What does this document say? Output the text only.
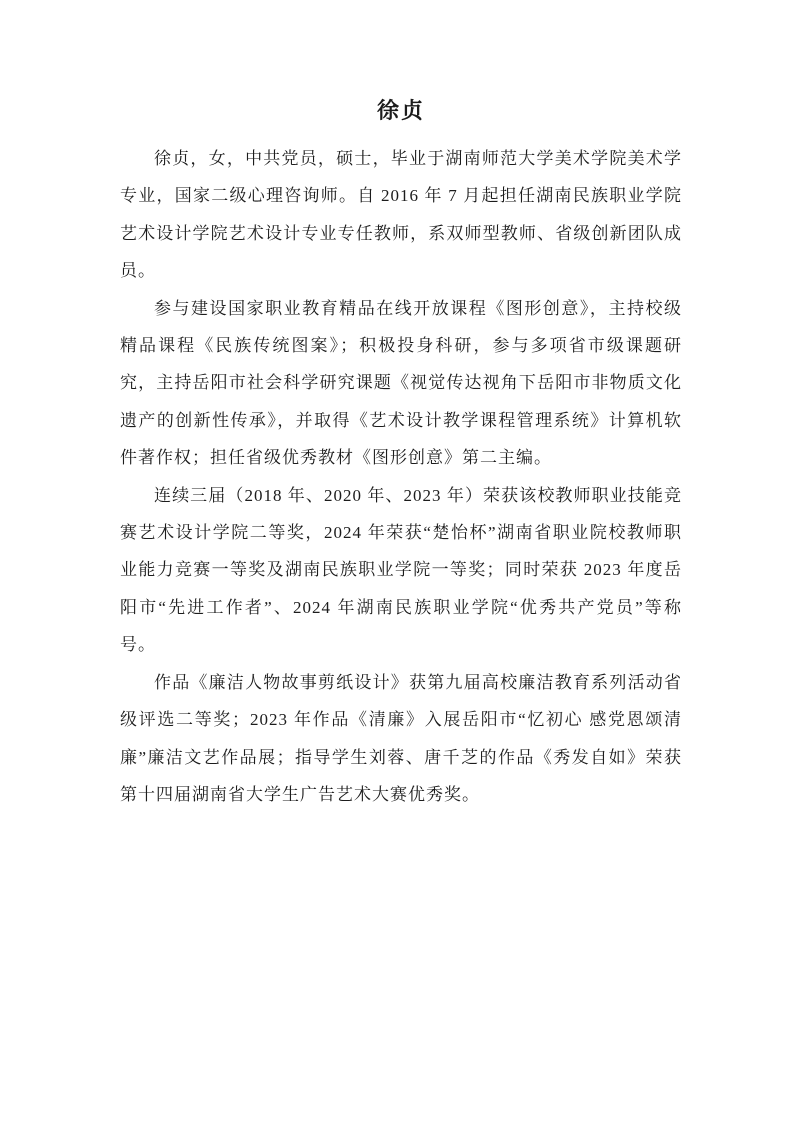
徐贞

徐贞，女，中共党员，硕士，毕业于湖南师范大学美术学院美术学专业，国家二级心理咨询师。自 2016 年 7 月起担任湖南民族职业学院艺术设计学院艺术设计专业专任教师，系双师型教师、省级创新团队成员。

参与建设国家职业教育精品在线开放课程《图形创意》，主持校级精品课程《民族传统图案》；积极投身科研，参与多项省市级课题研究，主持岳阳市社会科学研究课题《视觉传达视角下岳阳市非物质文化遗产的创新性传承》，并取得《艺术设计教学课程管理系统》计算机软件著作权；担任省级优秀教材《图形创意》第二主编。

连续三届（2018 年、2020 年、2023 年）荣获该校教师职业技能竞赛艺术设计学院二等奖，2024 年荣获“楚怡杯”湖南省职业院校教师职业能力竞赛一等奖及湖南民族职业学院一等奖；同时荣获 2023 年度岳阳市“先进工作者”、2024 年湖南民族职业学院“优秀共产党员”等称号。

作品《廉洁人物故事剪纸设计》获第九届高校廉洁教育系列活动省级评选二等奖；2023 年作品《清廉》入展岳阳市“忆初心 感党恩颂清廉”廉洁文艺作品展；指导学生刘蓉、唐千芝的作品《秀发自如》荣获第十四届湖南省大学生广告艺术大赛优秀奖。
